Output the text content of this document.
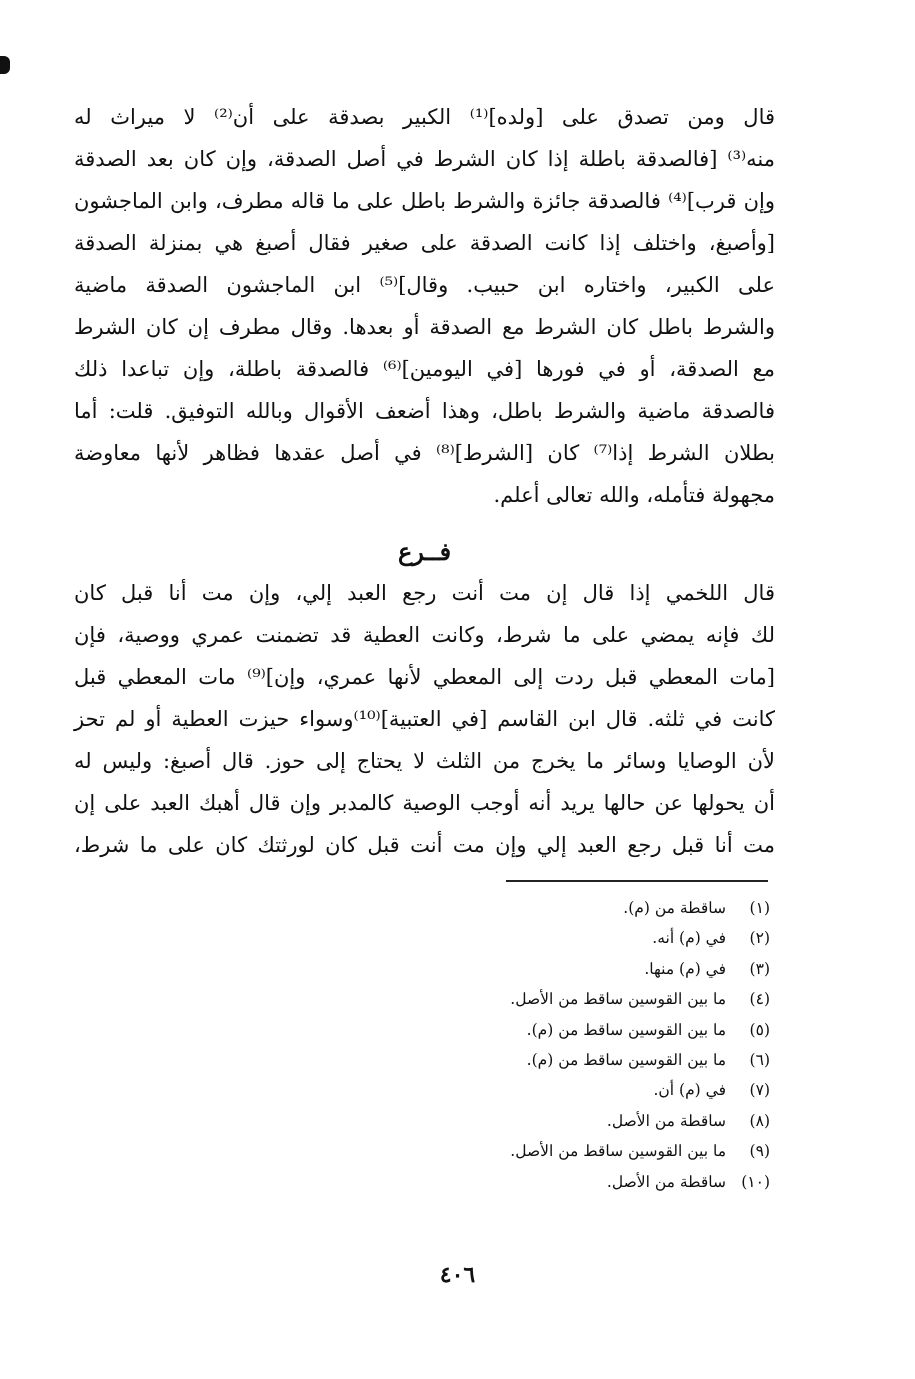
قال ومن تصدق على [ولده]⁽¹⁾ الكبير بصدقة على أن⁽²⁾ لا ميراث له
منه⁽³⁾ [فالصدقة باطلة إذا كان الشرط في أصل الصدقة، وإن كان بعد الصدقة
وإن قرب]⁽⁴⁾ فالصدقة جائزة والشرط باطل على ما قاله مطرف، وابن الماجشون
[وأصبغ، واختلف إذا كانت الصدقة على صغير فقال أصبغ هي بمنزلة الصدقة
على الكبير، واختاره ابن حبيب. وقال]⁽⁵⁾ ابن الماجشون الصدقة ماضية
والشرط باطل كان الشرط مع الصدقة أو بعدها. وقال مطرف إن كان الشرط
مع الصدقة، أو في فورها [في اليومين]⁽⁶⁾ فالصدقة باطلة، وإن تباعدا ذلك
فالصدقة ماضية والشرط باطل، وهذا أضعف الأقوال وبالله التوفيق. قلت: أما
بطلان الشرط إذا⁽⁷⁾ كان [الشرط]⁽⁸⁾ في أصل عقدها فظاهر لأنها معاوضة
مجهولة فتأمله، والله تعالى أعلم.
فــرع
قال اللخمي إذا قال إن مت أنت رجع العبد إلي، وإن مت أنا قبل كان
لك فإنه يمضي على ما شرط، وكانت العطية قد تضمنت عمري ووصية، فإن
[مات المعطي قبل ردت إلى المعطي لأنها عمري، وإن]⁽⁹⁾ مات المعطي قبل
كانت في ثلثه. قال ابن القاسم [في العتبية]⁽¹⁰⁾وسواء حيزت العطية أو لم تحز
لأن الوصايا وسائر ما يخرج من الثلث لا يحتاج إلى حوز. قال أصبغ: وليس له
أن يحولها عن حالها يريد أنه أوجب الوصية كالمدبر وإن قال أهبك العبد على إن
مت أنا قبل رجع العبد إلي وإن مت أنت قبل كان لورثتك كان على ما شرط،
(١)
ساقطة من (م).
(٢)
في (م) أنه.
(٣)
في (م) منها.
(٤)
ما بين القوسين ساقط من الأصل.
(٥)
ما بين القوسين ساقط من (م).
(٦)
ما بين القوسين ساقط من (م).
(٧)
في (م) أن.
(٨)
ساقطة من الأصل.
(٩)
ما بين القوسين ساقط من الأصل.
(١٠)
ساقطة من الأصل.
٤٠٦
